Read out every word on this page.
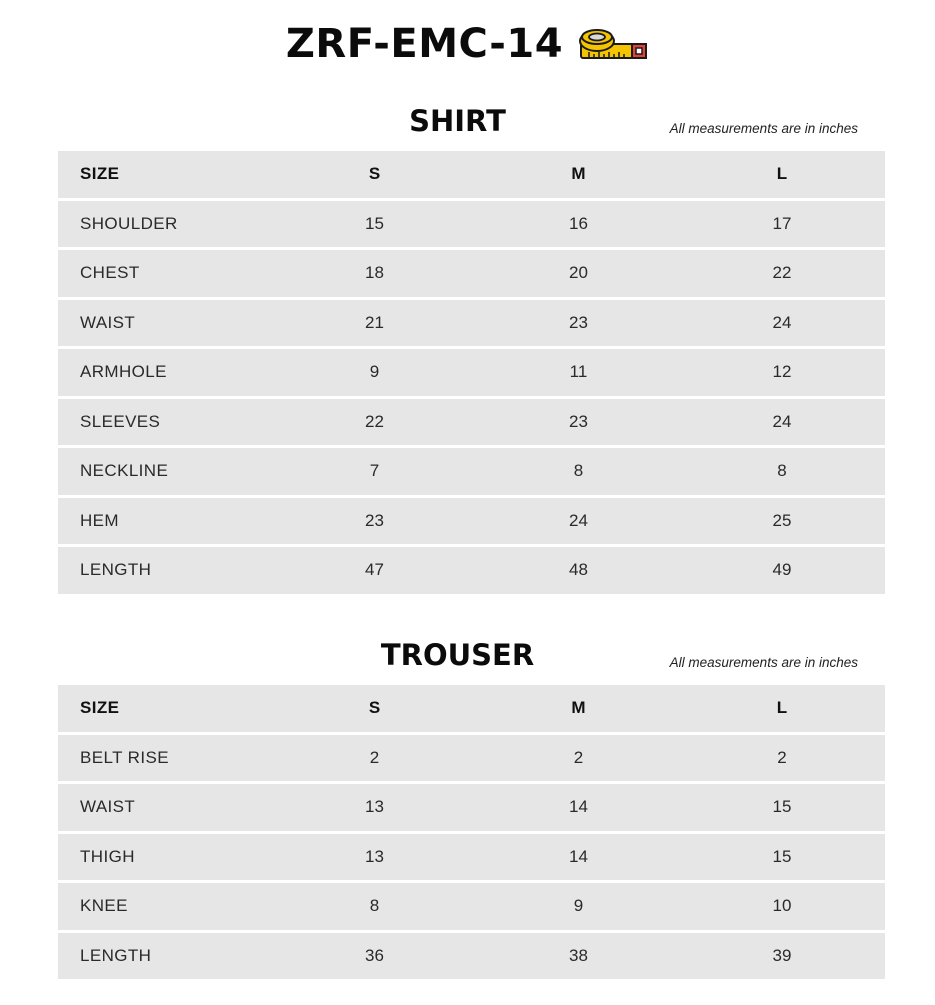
ZRF-EMC-14
SHIRT	All measurements are in inches
SIZE	S	M	L
SHOULDER	15	16	17
CHEST	18	20	22
WAIST	21	23	24
ARMHOLE	9	11	12
SLEEVES	22	23	24
NECKLINE	7	8	8
HEM	23	24	25
LENGTH	47	48	49
TROUSER	All measurements are in inches
SIZE	S	M	L
BELT RISE	2	2	2
WAIST	13	14	15
THIGH	13	14	15
KNEE	8	9	10
LENGTH	36	38	39
